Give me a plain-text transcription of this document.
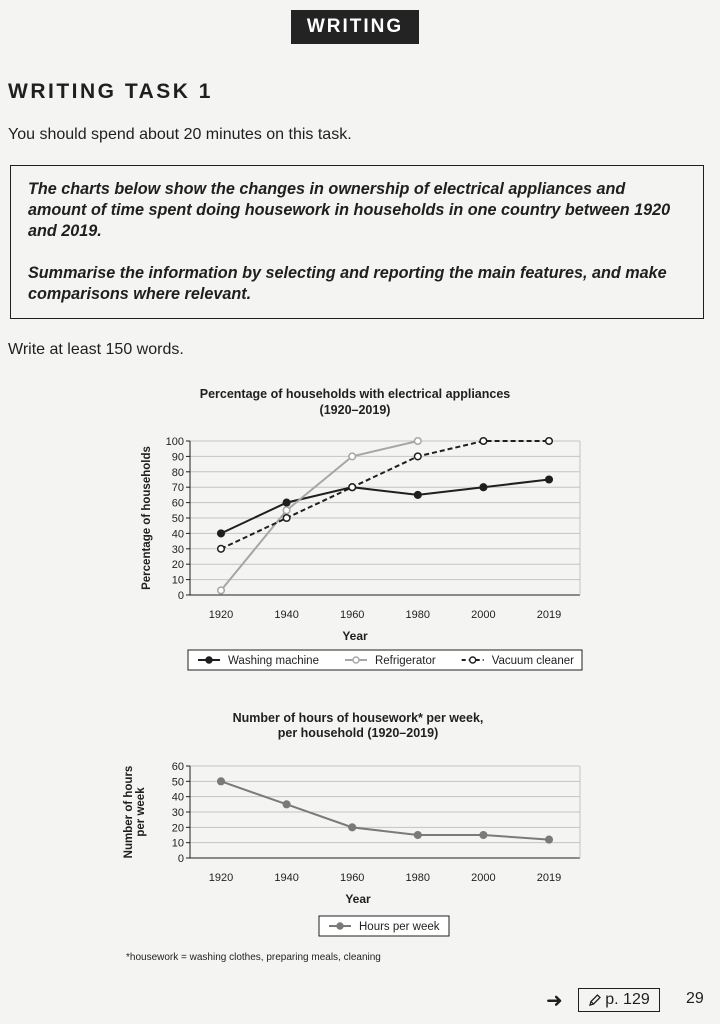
WRITING
WRITING TASK 1

You should spend about 20 minutes on this task.

The charts below show the changes in ownership of electrical appliances and amount of time spent doing housework in households in one country between 1920 and 2019.

Summarise the information by selecting and reporting the main features, and make comparisons where relevant.

Write at least 150 words.

Percentage of households with electrical appliances
(1920–2019)
0
10
20
30
40
50
60
70
80
90
100
1920	1940	1960	1980	2000	2019
Year
Percentage of households
Washing machine	Refrigerator	Vacuum cleaner
Number of hours of housework* per week,
per household (1920–2019)
0
10
20
30
40
50
60
1920	1940	1960	1980	2000	2019
Year
Number of hours per week
Hours per week

*housework = washing clothes, preparing meals, cleaning

➜	p. 129 29
